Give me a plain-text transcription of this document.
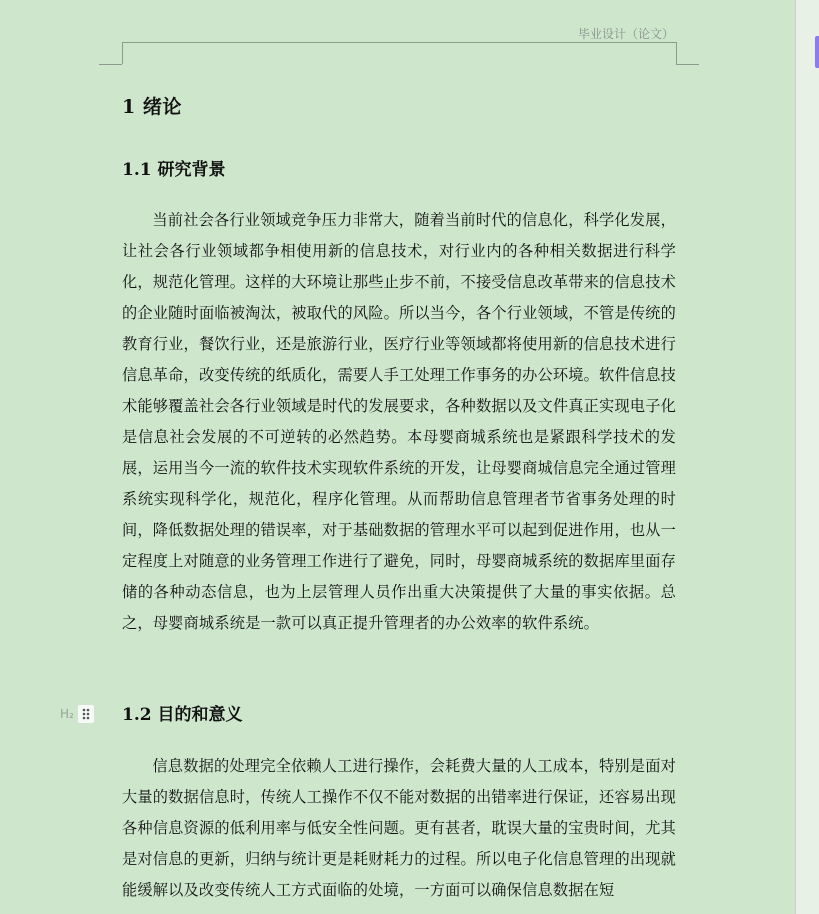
毕业设计（论文）
1 绪论
1.1 研究背景
当前社会各行业领域竞争压力非常大，随着当前时代的信息化，科学化发展，让社会各行业领域都争相使用新的信息技术，对行业内的各种相关数据进行科学化，规范化管理。这样的大环境让那些止步不前，不接受信息改革带来的信息技术的企业随时面临被淘汰，被取代的风险。所以当今，各个行业领域，不管是传统的教育行业，餐饮行业，还是旅游行业，医疗行业等领域都将使用新的信息技术进行信息革命，改变传统的纸质化，需要人手工处理工作事务的办公环境。软件信息技术能够覆盖社会各行业领域是时代的发展要求，各种数据以及文件真正实现电子化是信息社会发展的不可逆转的必然趋势。本母婴商城系统也是紧跟科学技术的发展，运用当今一流的软件技术实现软件系统的开发，让母婴商城信息完全通过管理系统实现科学化，规范化，程序化管理。从而帮助信息管理者节省事务处理的时间，降低数据处理的错误率，对于基础数据的管理水平可以起到促进作用，也从一定程度上对随意的业务管理工作进行了避免，同时，母婴商城系统的数据库里面存储的各种动态信息，也为上层管理人员作出重大决策提供了大量的事实依据。总之，母婴商城系统是一款可以真正提升管理者的办公效率的软件系统。
H₂	1.2 目的和意义
信息数据的处理完全依赖人工进行操作，会耗费大量的人工成本，特别是面对大量的数据信息时，传统人工操作不仅不能对数据的出错率进行保证，还容易出现各种信息资源的低利用率与低安全性问题。更有甚者，耽误大量的宝贵时间，尤其是对信息的更新，归纳与统计更是耗财耗力的过程。所以电子化信息管理的出现就能缓解以及改变传统人工方式面临的处境，一方面可以确保信息数据在短
